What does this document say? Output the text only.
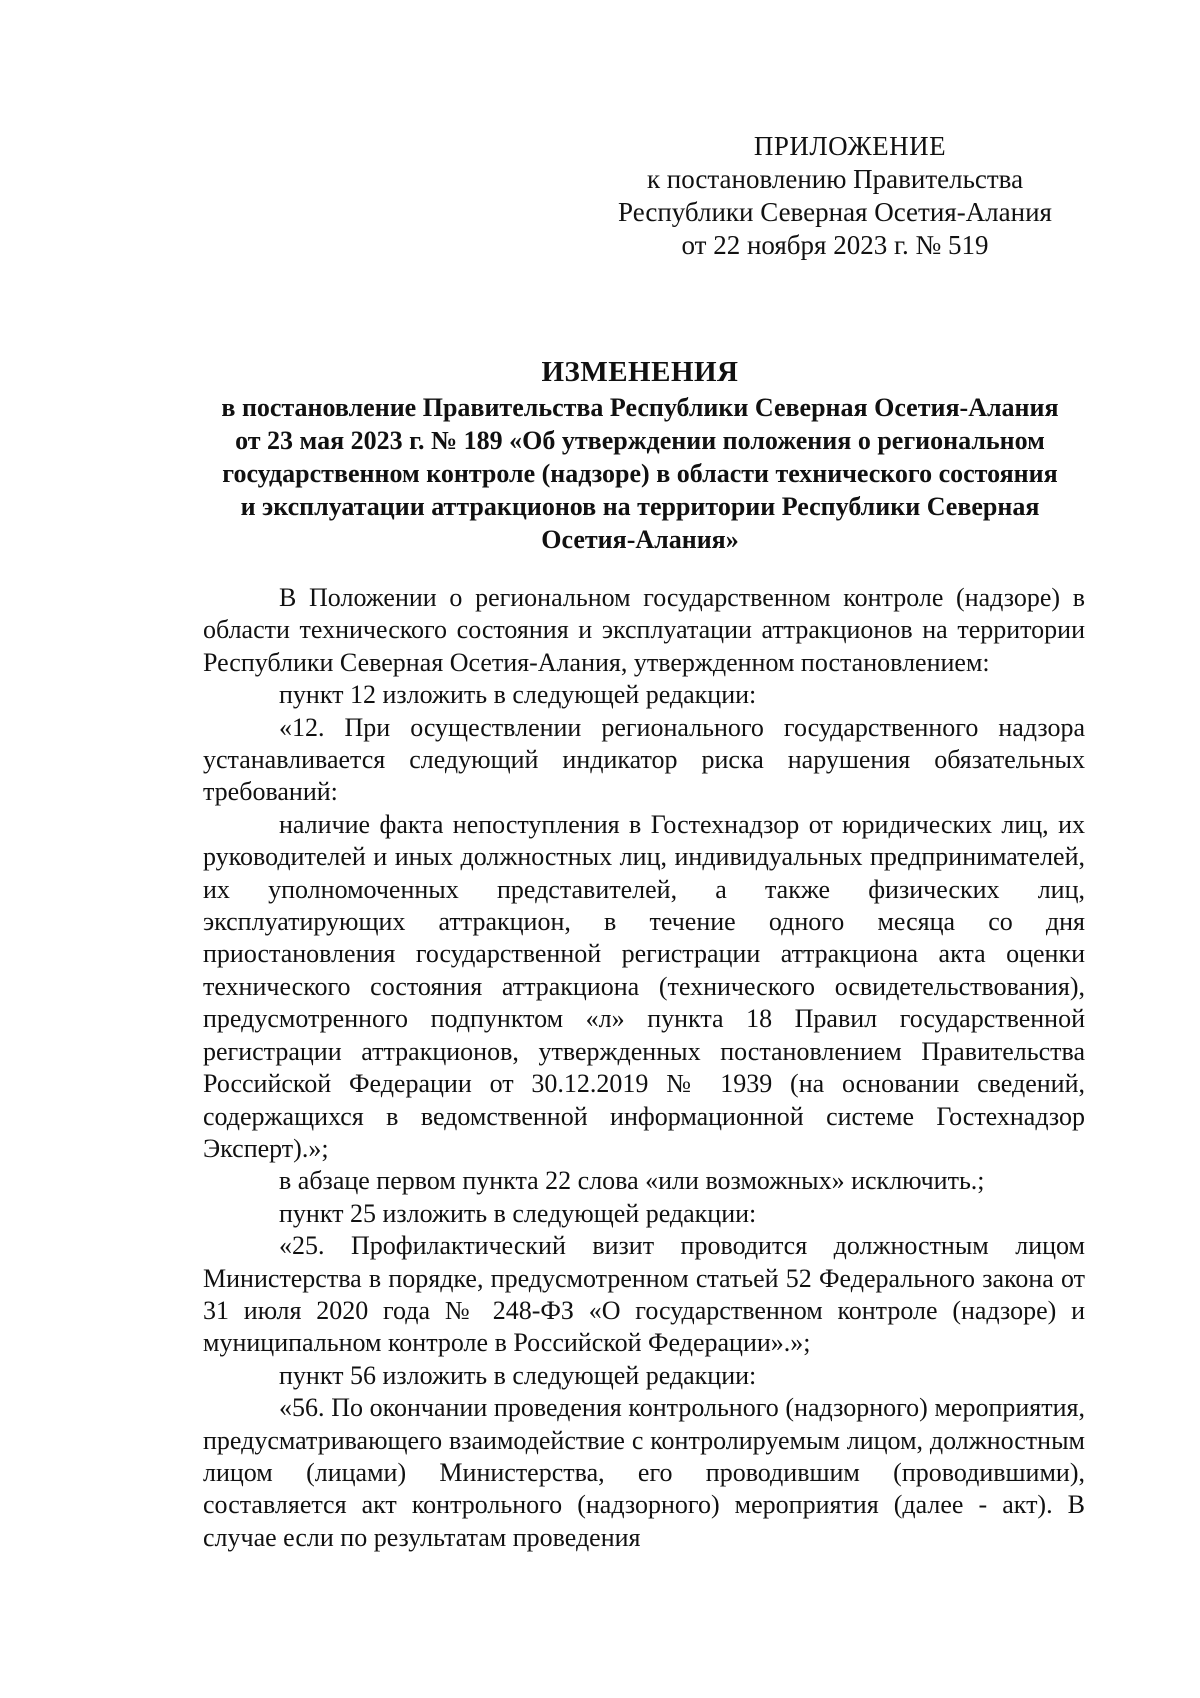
ПРИЛОЖЕНИЕ
к постановлению Правительства
Республики Северная Осетия-Алания
от 22 ноября 2023 г. № 519
ИЗМЕНЕНИЯ
в постановление Правительства Республики Северная Осетия-Алания
от 23 мая 2023 г. № 189 «Об утверждении положения о региональном
государственном контроле (надзоре) в области технического состояния
и эксплуатации аттракционов на территории Республики Северная
Осетия-Алания»

В Положении о региональном государственном контроле (надзоре) в области технического состояния и эксплуатации аттракционов на территории Республики Северная Осетия-Алания, утвержденном постановлением:

пункт 12 изложить в следующей редакции:

«12. При осуществлении регионального государственного надзора устанавливается следующий индикатор риска нарушения обязательных требований:

наличие факта непоступления в Гостехнадзор от юридических лиц, их руководителей и иных должностных лиц, индивидуальных предпринимателей, их уполномоченных представителей, а также физических лиц, эксплуатирующих аттракцион, в течение одного месяца со дня приостановления государственной регистрации аттракциона акта оценки технического состояния аттракциона (технического освидетельствования), предусмотренного подпунктом «л» пункта 18 Правил государственной регистрации аттракционов, утвержденных постановлением Правительства Российской Федерации от 30.12.2019 № 1939 (на основании сведений, содержащихся в ведомственной информационной системе Гостехнадзор Эксперт).»;

в абзаце первом пункта 22 слова «или возможных» исключить.;

пункт 25 изложить в следующей редакции:

«25. Профилактический визит проводится должностным лицом Министерства в порядке, предусмотренном статьей 52 Федерального закона от 31 июля 2020 года № 248-ФЗ «О государственном контроле (надзоре) и муниципальном контроле в Российской Федерации».»;

пункт 56 изложить в следующей редакции:

«56. По окончании проведения контрольного (надзорного) мероприятия, предусматривающего взаимодействие с контролируемым лицом, должностным лицом (лицами) Министерства, его проводившим (проводившими), составляется акт контрольного (надзорного) мероприятия (далее - акт). В случае если по результатам проведения
